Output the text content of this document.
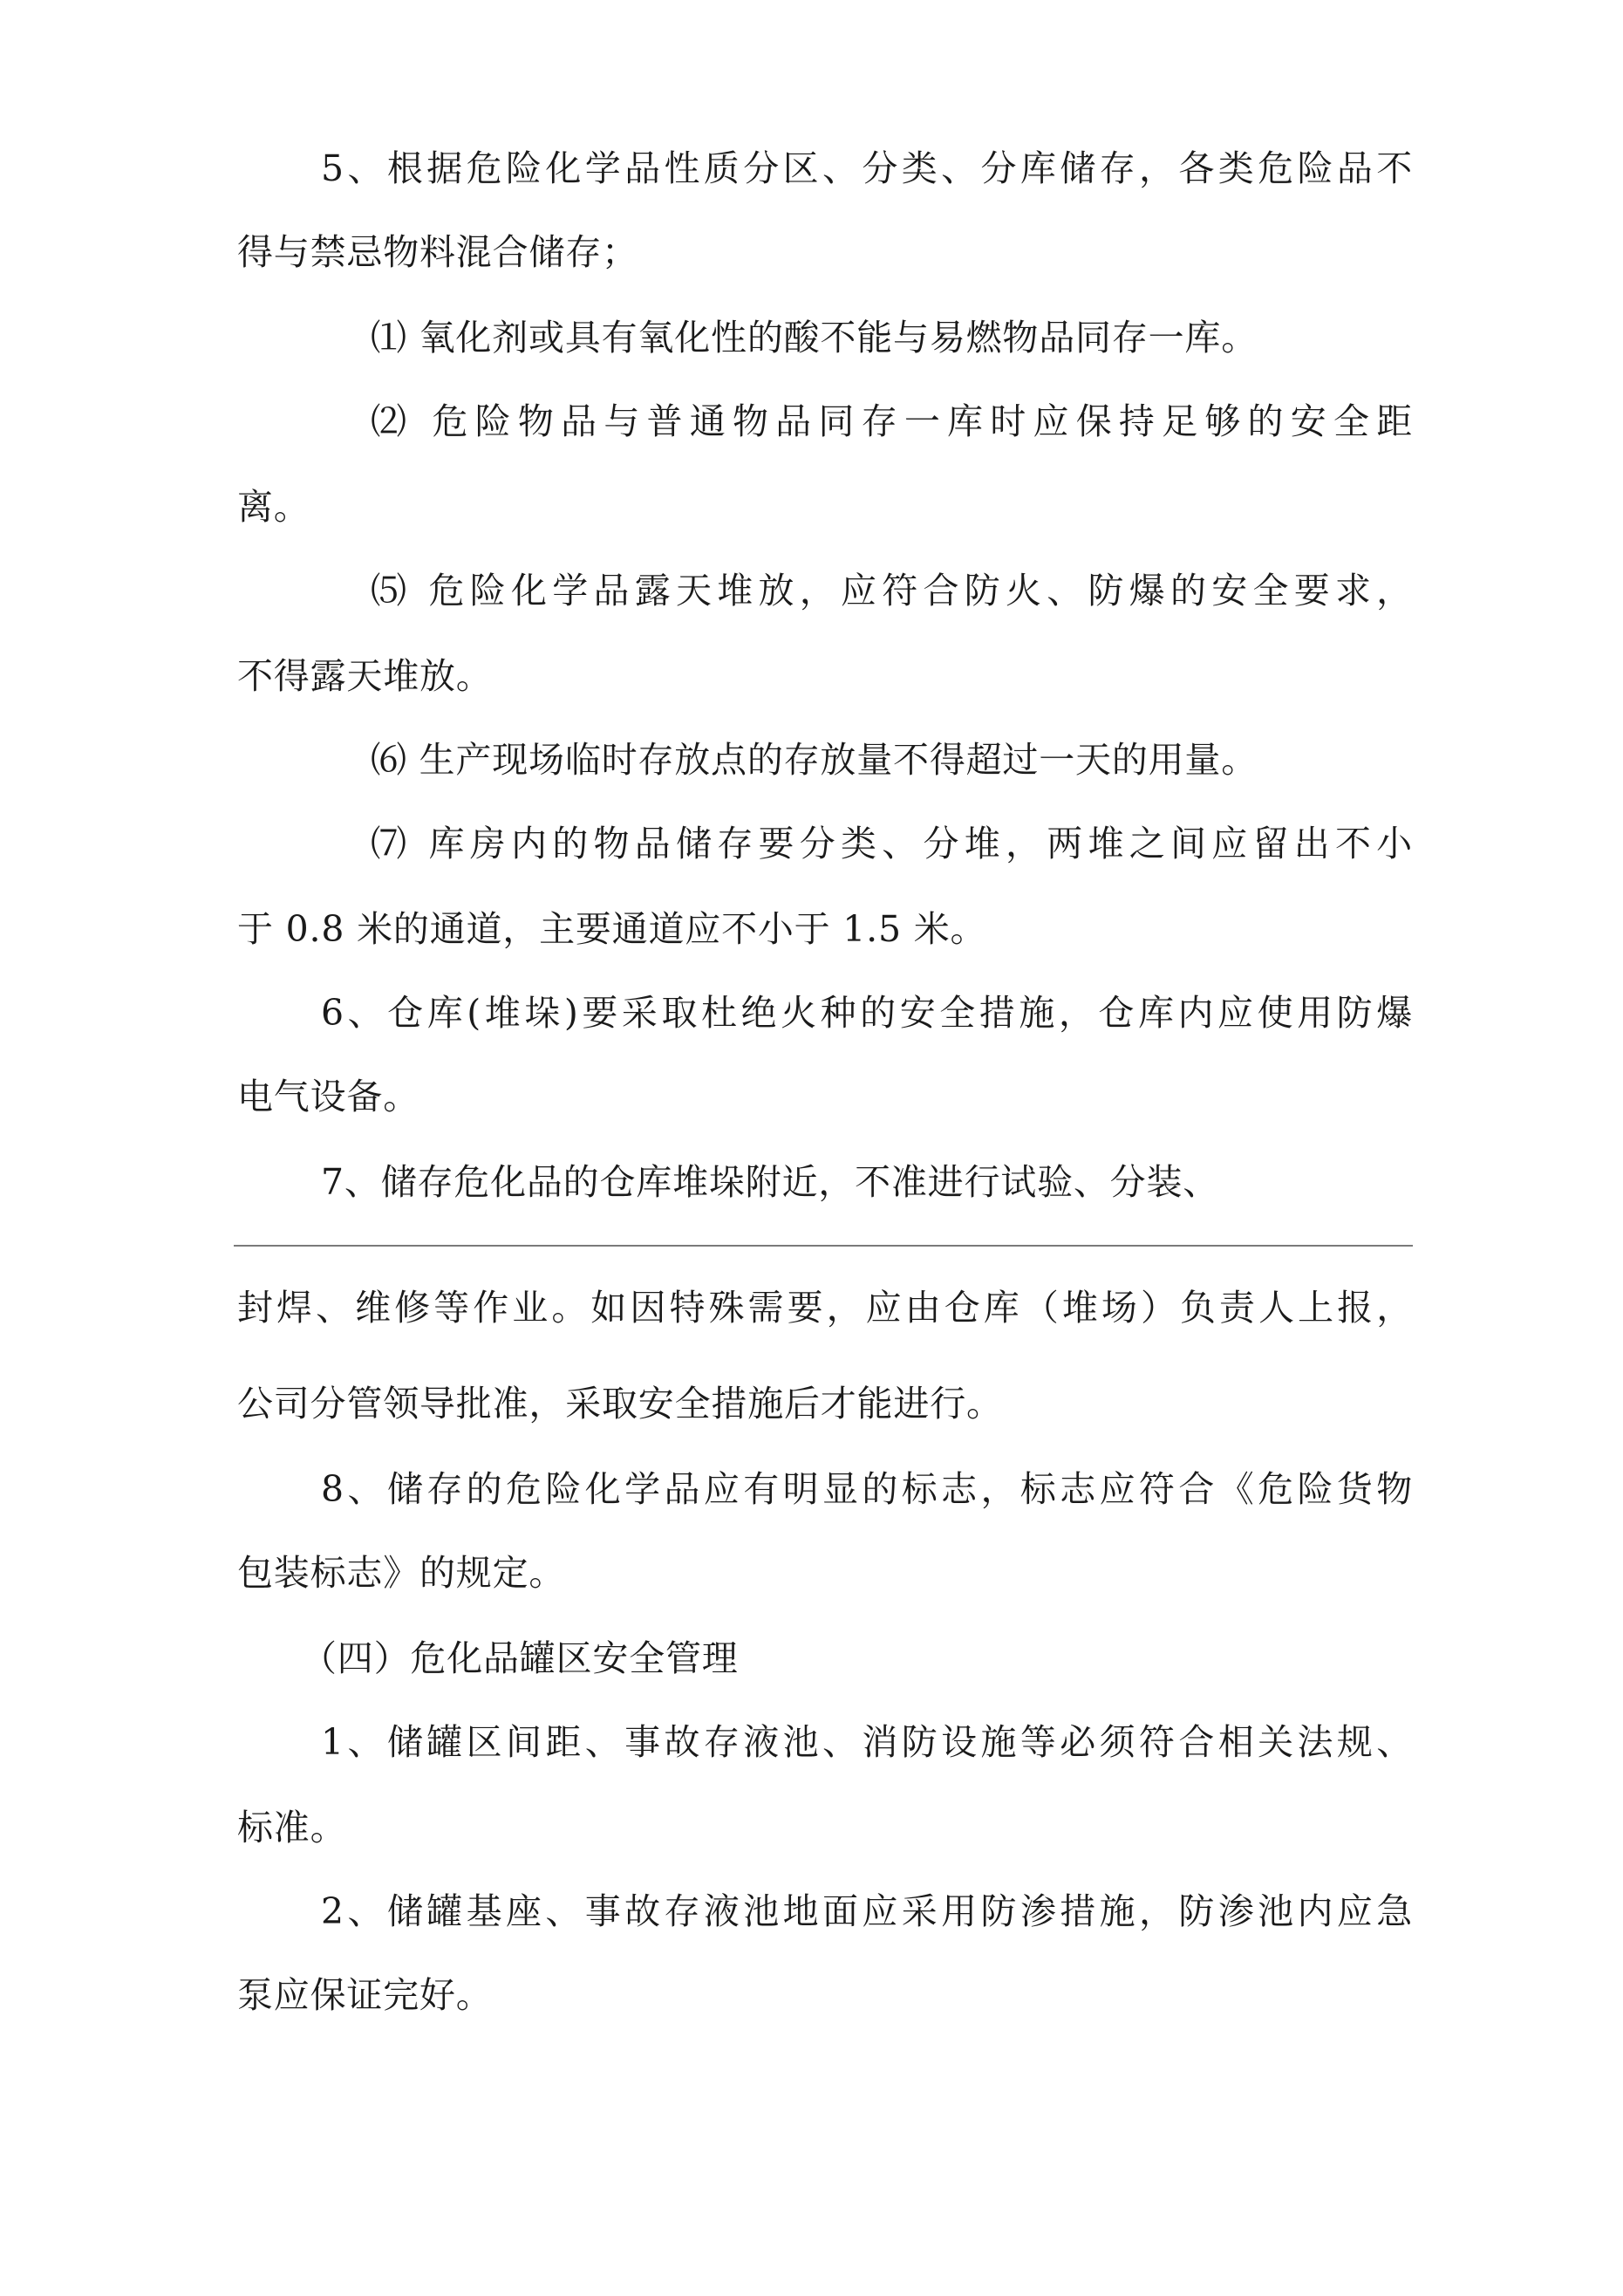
5、根据危险化学品性质分区、分类、分库储存，各类危险品不

得与禁忌物料混合储存；

⑴ 氧化剂或具有氧化性的酸不能与易燃物品同存一库。

⑵ 危险物品与普通物品同存一库时应保持足够的安全距

离。

⑸ 危险化学品露天堆放，应符合防火、防爆的安全要求，

不得露天堆放。

⑹ 生产现场临时存放点的存放量不得超过一天的用量。

⑺ 库房内的物品储存要分类、分堆，两堆之间应留出不小

于 0.8 米的通道，主要通道应不小于 1.5 米。

6、仓库(堆垛)要采取杜绝火种的安全措施，仓库内应使用防爆

电气设备。

7、储存危化品的仓库堆垛附近，不准进行试验、分装、

封焊、维修等作业。如因特殊需要，应由仓库（堆场）负责人上报，

公司分管领导批准，采取安全措施后才能进行。

8、储存的危险化学品应有明显的标志，标志应符合《危险货物

包装标志》的规定。

（四）危化品罐区安全管理

1、储罐区间距、事故存液池、消防设施等必须符合相关法规、

标准。

2、储罐基座、事故存液池地面应采用防渗措施，防渗池内应急

泵应保证完好。
